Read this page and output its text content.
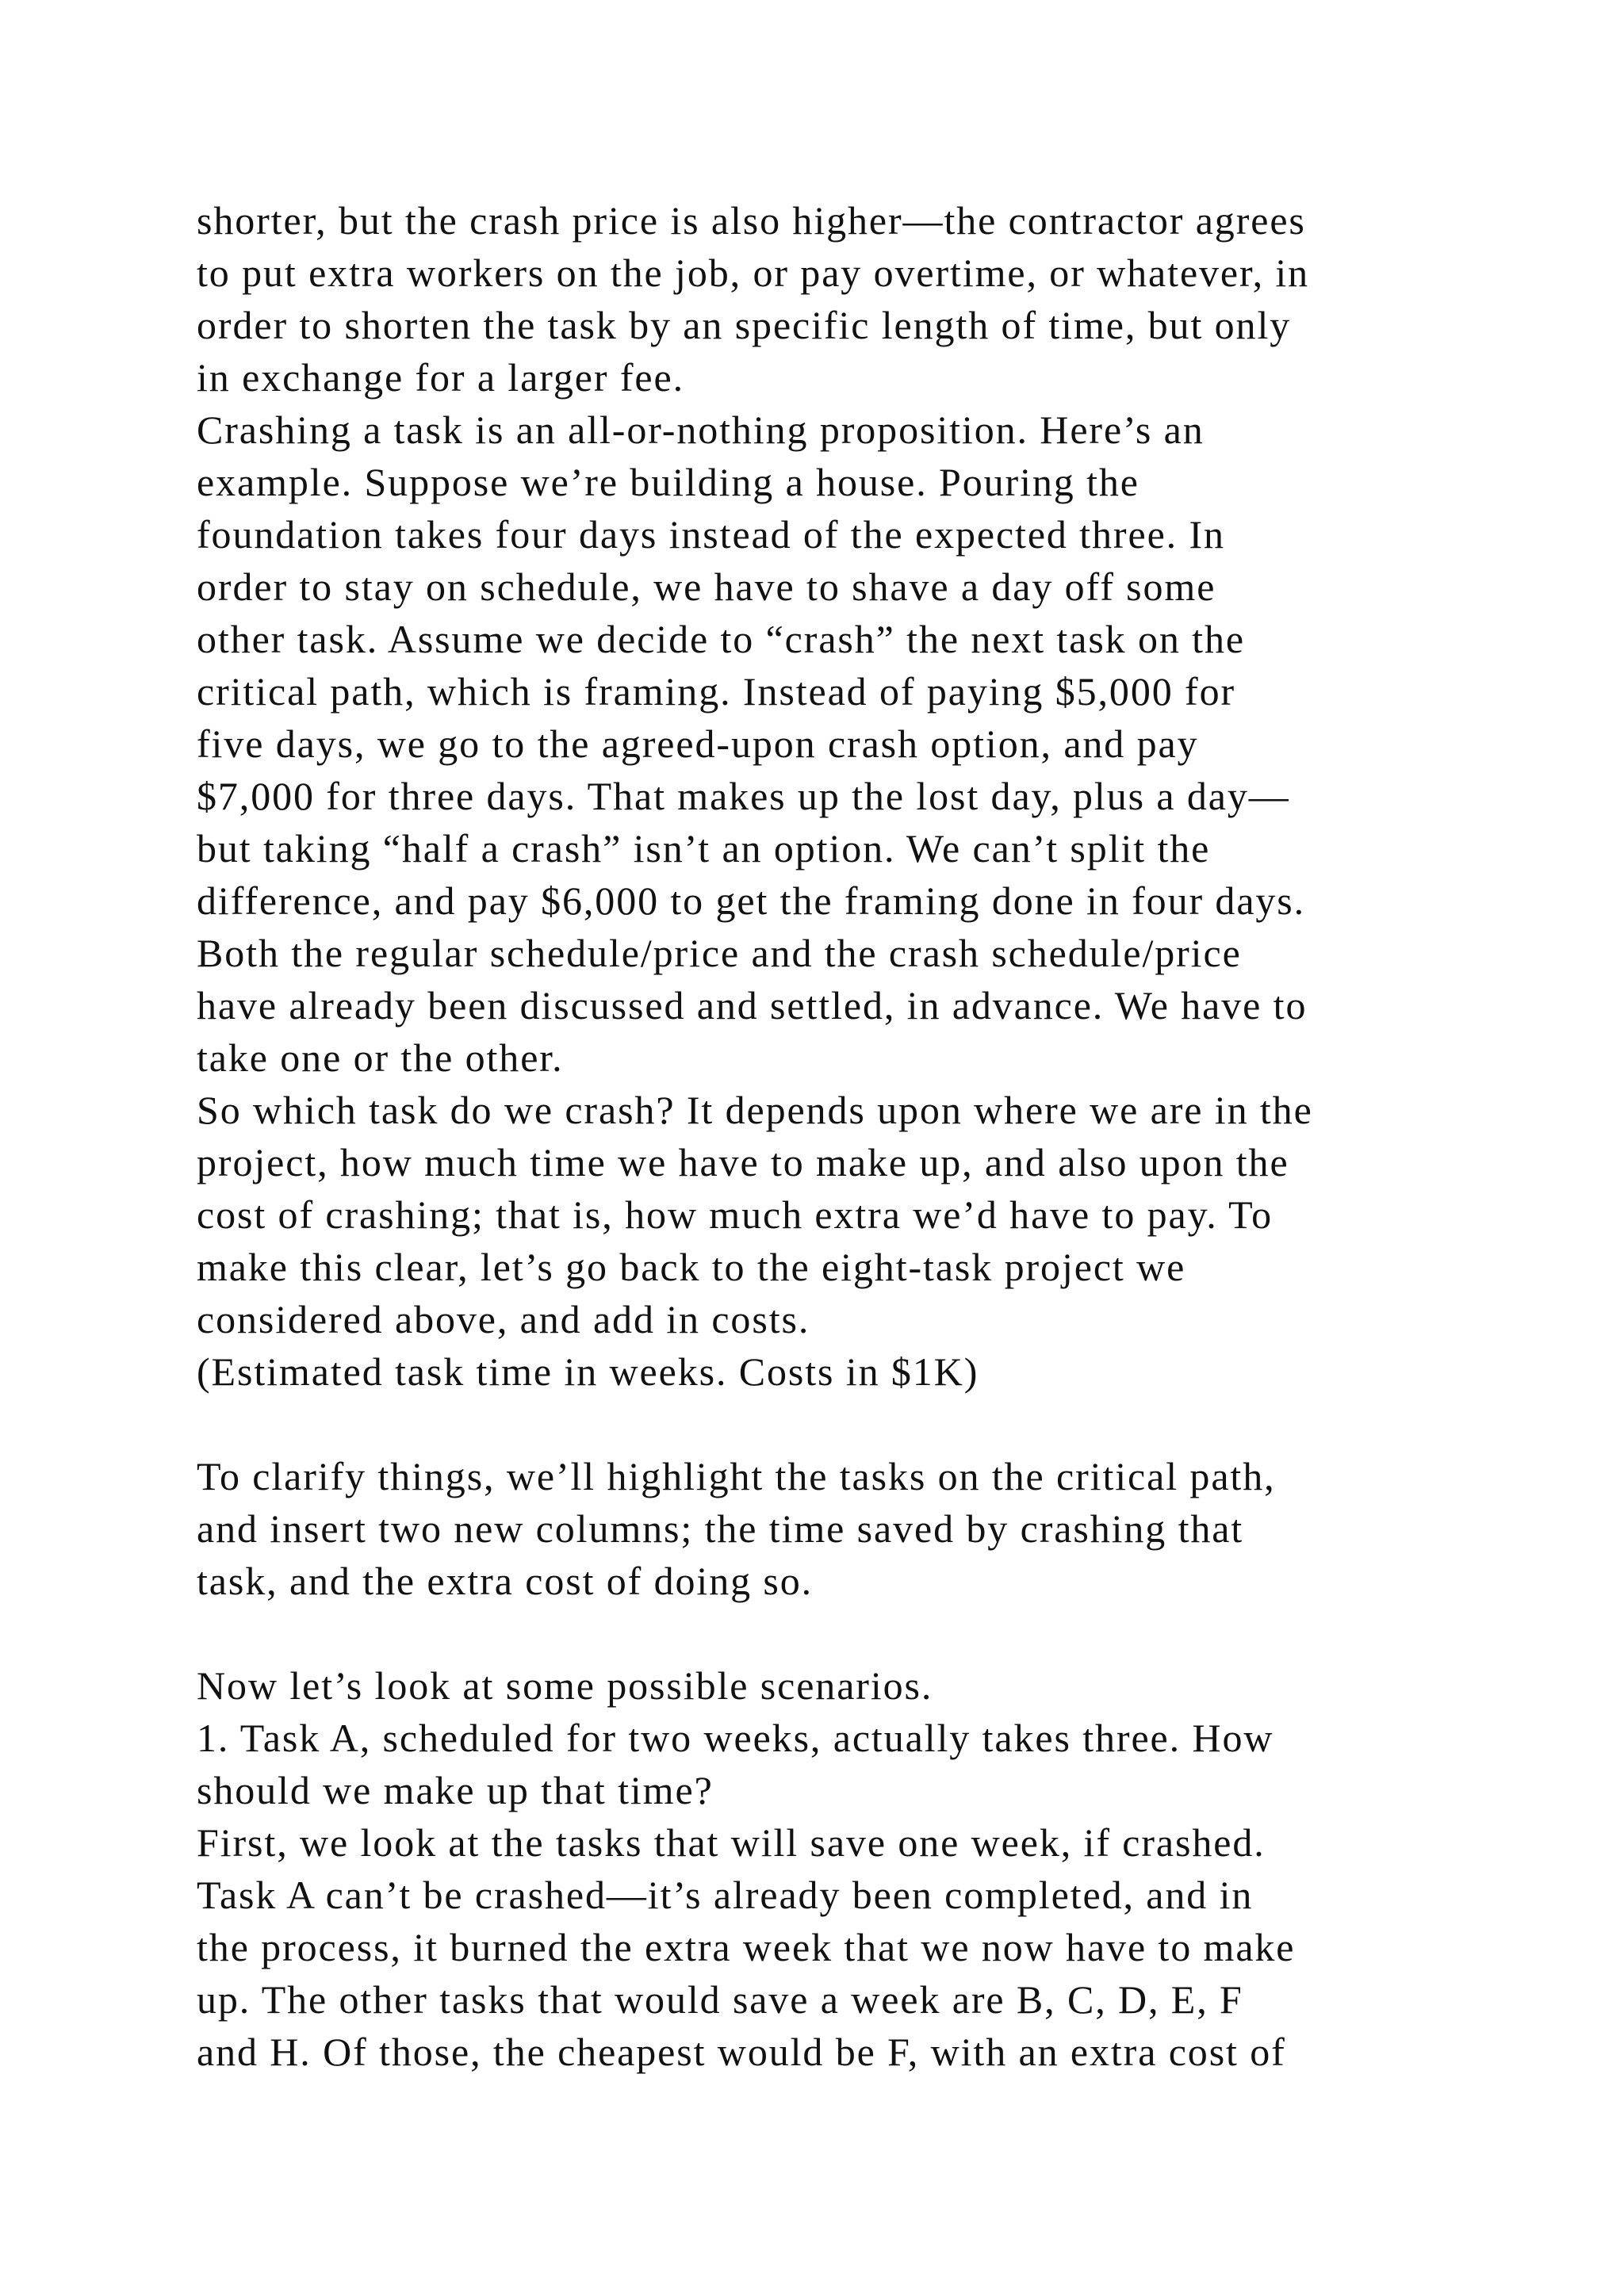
shorter, but the crash price is also higher—the contractor agrees
to put extra workers on the job, or pay overtime, or whatever, in
order to shorten the task by an specific length of time, but only
in exchange for a larger fee.
Crashing a task is an all-or-nothing proposition. Here’s an
example. Suppose we’re building a house. Pouring the
foundation takes four days instead of the expected three. In
order to stay on schedule, we have to shave a day off some
other task. Assume we decide to “crash” the next task on the
critical path, which is framing. Instead of paying $5,000 for
five days, we go to the agreed-upon crash option, and pay
$7,000 for three days. That makes up the lost day, plus a day—
but taking “half a crash” isn’t an option. We can’t split the
difference, and pay $6,000 to get the framing done in four days.
Both the regular schedule/price and the crash schedule/price
have already been discussed and settled, in advance. We have to
take one or the other.
So which task do we crash? It depends upon where we are in the
project, how much time we have to make up, and also upon the
cost of crashing; that is, how much extra we’d have to pay. To
make this clear, let’s go back to the eight-task project we
considered above, and add in costs.
(Estimated task time in weeks. Costs in $1K)
To clarify things, we’ll highlight the tasks on the critical path,
and insert two new columns; the time saved by crashing that
task, and the extra cost of doing so.
Now let’s look at some possible scenarios.
1. Task A, scheduled for two weeks, actually takes three. How
should we make up that time?
First, we look at the tasks that will save one week, if crashed.
Task A can’t be crashed—it’s already been completed, and in
the process, it burned the extra week that we now have to make
up. The other tasks that would save a week are B, C, D, E, F
and H. Of those, the cheapest would be F, with an extra cost of
